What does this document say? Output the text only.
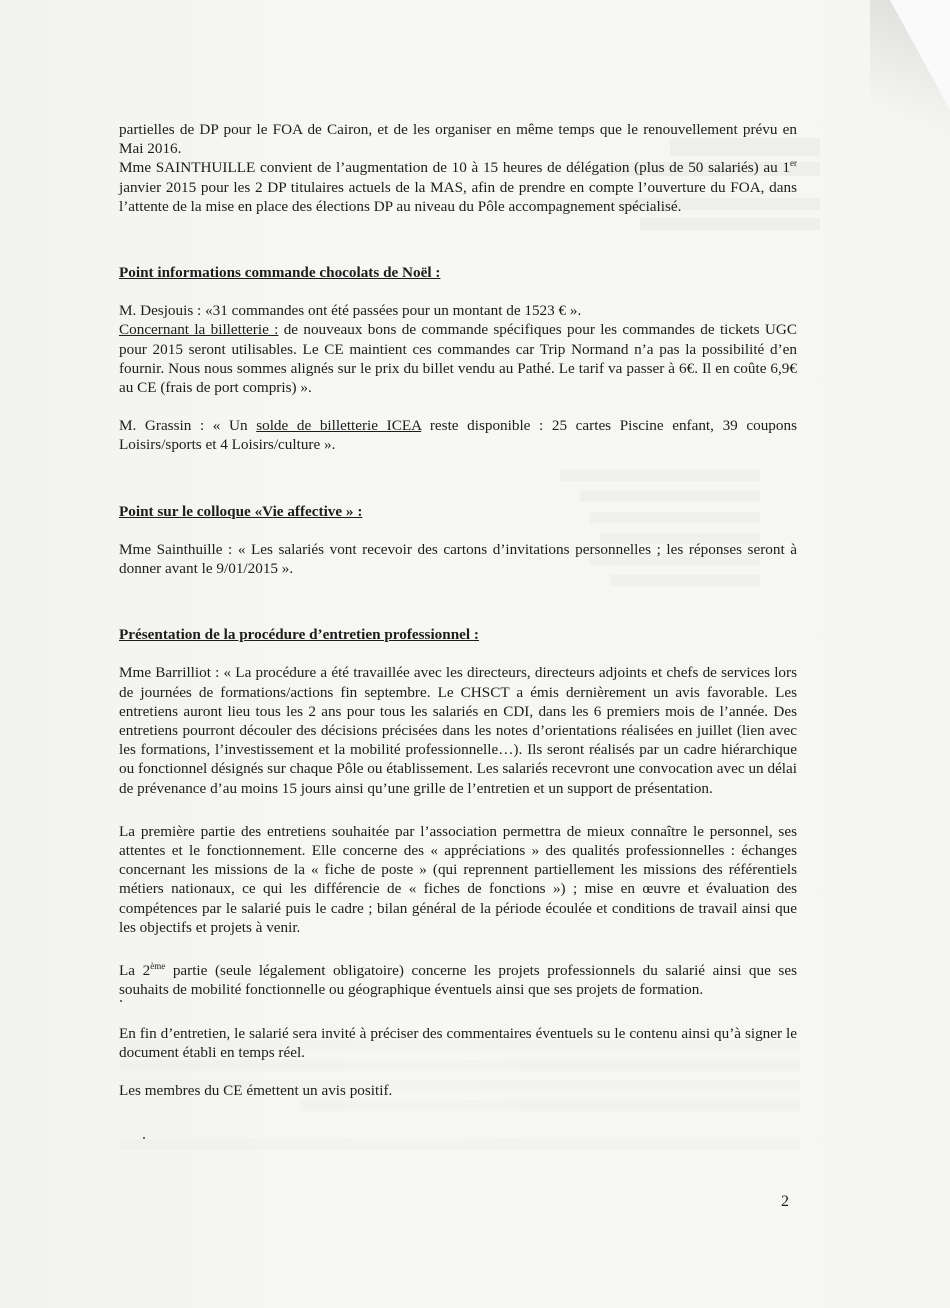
partielles de DP pour le FOA de Cairon, et de les organiser en même temps que le renouvellement prévu en Mai 2016.

Mme SAINTHUILLE convient de l’augmentation de 10 à 15 heures de délégation (plus de 50 salariés) au 1er janvier 2015 pour les 2 DP titulaires actuels de la MAS, afin de prendre en compte l’ouverture du FOA, dans l’attente de la mise en place des élections DP au niveau du Pôle accompagnement spécialisé.

Point informations commande chocolats de Noël :

M. Desjouis : «31 commandes ont été passées pour un montant de 1523 € ».

Concernant la billetterie : de nouveaux bons de commande spécifiques pour les commandes de tickets UGC pour 2015 seront utilisables. Le CE maintient ces commandes car Trip Normand n’a pas la possibilité d’en fournir. Nous nous sommes alignés sur le prix du billet vendu au Pathé. Le tarif va passer à 6€. Il en coûte 6,9€ au CE (frais de port compris) ».

M. Grassin : « Un solde de billetterie ICEA reste disponible : 25 cartes Piscine enfant, 39 coupons Loisirs/sports et 4 Loisirs/culture ».

Point sur le colloque «Vie affective » :

Mme Sainthuille : « Les salariés vont recevoir des cartons d’invitations personnelles ; les réponses seront à donner avant le 9/01/2015 ».

Présentation de la procédure d’entretien professionnel :

Mme Barrilliot : « La procédure a été travaillée avec les directeurs, directeurs adjoints et chefs de services lors de journées de formations/actions fin septembre. Le CHSCT a émis dernièrement un avis favorable. Les entretiens auront lieu tous les 2 ans pour tous les salariés en CDI, dans les 6 premiers mois de l’année. Des entretiens pourront découler des décisions précisées dans les notes d’orientations réalisées en juillet (lien avec les formations, l’investissement et la mobilité professionnelle…). Ils seront réalisés par un cadre hiérarchique ou fonctionnel désignés sur chaque Pôle ou établissement. Les salariés recevront une convocation avec un délai de prévenance d’au moins 15 jours ainsi qu’une grille de l’entretien et un support de présentation.

La première partie des entretiens souhaitée par l’association permettra de mieux connaître le personnel, ses attentes et le fonctionnement. Elle concerne des « appréciations » des qualités professionnelles : échanges concernant les missions de la « fiche de poste » (qui reprennent partiellement les missions des référentiels métiers nationaux, ce qui les différencie de « fiches de fonctions ») ; mise en œuvre et évaluation des compétences par le salarié puis le cadre ; bilan général de la période écoulée et conditions de travail ainsi que les objectifs et projets à venir.

La 2ème partie (seule légalement obligatoire) concerne les projets professionnels du salarié ainsi que ses souhaits de mobilité fonctionnelle ou géographique éventuels ainsi que ses projets de formation.

En fin d’entretien, le salarié sera invité à préciser des commentaires éventuels su le contenu ainsi qu’à signer le document établi en temps réel.

Les membres du CE émettent un avis positif.

2
